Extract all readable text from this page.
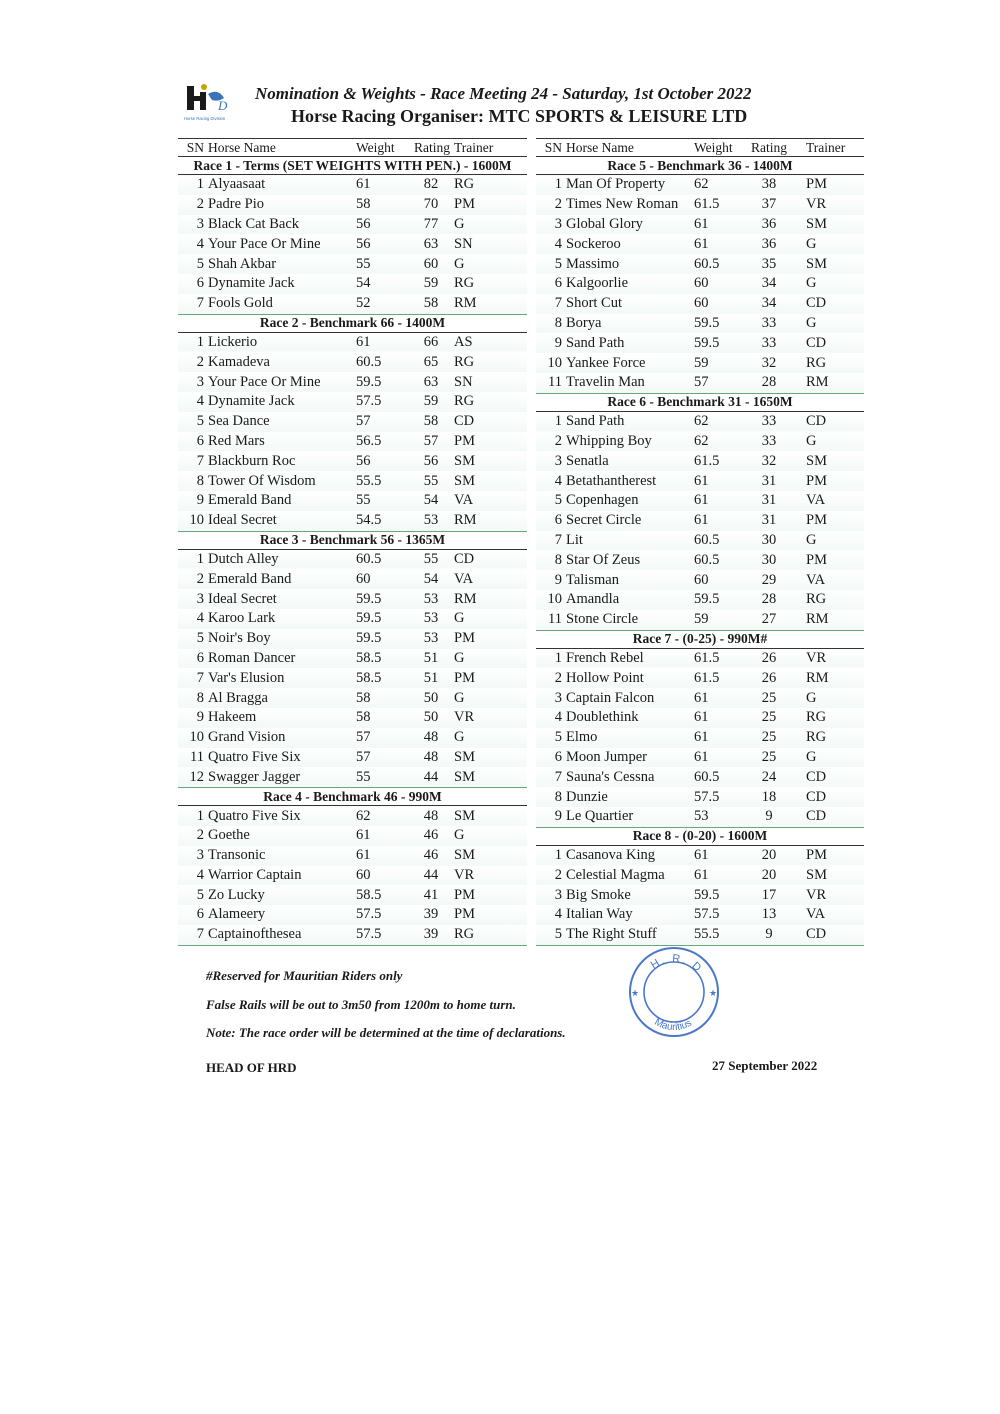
D
Horse Racing Division
Nomination & Weights - Race Meeting 24 - Saturday, 1st October 2022
Horse Racing Organiser: MTC SPORTS & LEISURE LTD
SN	Horse Name	Weight	Rating	Trainer
Race 1 - Terms (SET WEIGHTS WITH PEN.) - 1600M				
1	Alyaasaat	61	82	RG
2	Padre Pio	58	70	PM
3	Black Cat Back	56	77	G
4	Your Pace Or Mine	56	63	SN
5	Shah Akbar	55	60	G
6	Dynamite Jack	54	59	RG
7	Fools Gold	52	58	RM
Race 2 - Benchmark 66 - 1400M				
1	Lickerio	61	66	AS
2	Kamadeva	60.5	65	RG
3	Your Pace Or Mine	59.5	63	SN
4	Dynamite Jack	57.5	59	RG
5	Sea Dance	57	58	CD
6	Red Mars	56.5	57	PM
7	Blackburn Roc	56	56	SM
8	Tower Of Wisdom	55.5	55	SM
9	Emerald Band	55	54	VA
10	Ideal Secret	54.5	53	RM
Race 3 - Benchmark 56 - 1365M				
1	Dutch Alley	60.5	55	CD
2	Emerald Band	60	54	VA
3	Ideal Secret	59.5	53	RM
4	Karoo Lark	59.5	53	G
5	Noir's Boy	59.5	53	PM
6	Roman Dancer	58.5	51	G
7	Var's Elusion	58.5	51	PM
8	Al Bragga	58	50	G
9	Hakeem	58	50	VR
10	Grand Vision	57	48	G
11	Quatro Five Six	57	48	SM
12	Swagger Jagger	55	44	SM
Race 4 - Benchmark 46 - 990M				
1	Quatro Five Six	62	48	SM
2	Goethe	61	46	G
3	Transonic	61	46	SM
4	Warrior Captain	60	44	VR
5	Zo Lucky	58.5	41	PM
6	Alameery	57.5	39	PM
7	Captainofthesea	57.5	39	RG
SN	Horse Name	Weight	Rating	Trainer
Race 5 - Benchmark 36 - 1400M				
1	Man Of Property	62	38	PM
2	Times New Roman	61.5	37	VR
3	Global Glory	61	36	SM
4	Sockeroo	61	36	G
5	Massimo	60.5	35	SM
6	Kalgoorlie	60	34	G
7	Short Cut	60	34	CD
8	Borya	59.5	33	G
9	Sand Path	59.5	33	CD
10	Yankee Force	59	32	RG
11	Travelin Man	57	28	RM
Race 6 - Benchmark 31 - 1650M				
1	Sand Path	62	33	CD
2	Whipping Boy	62	33	G
3	Senatla	61.5	32	SM
4	Betathantherest	61	31	PM
5	Copenhagen	61	31	VA
6	Secret Circle	61	31	PM
7	Lit	60.5	30	G
8	Star Of Zeus	60.5	30	PM
9	Talisman	60	29	VA
10	Amandla	59.5	28	RG
11	Stone Circle	59	27	RM
Race 7 - (0-25) - 990M#				
1	French Rebel	61.5	26	VR
2	Hollow Point	61.5	26	RM
3	Captain Falcon	61	25	G
4	Doublethink	61	25	RG
5	Elmo	61	25	RG
6	Moon Jumper	61	25	G
7	Sauna's Cessna	60.5	24	CD
8	Dunzie	57.5	18	CD
9	Le Quartier	53	9	CD
Race 8 - (0-20) - 1600M				
1	Casanova King	61	20	PM
2	Celestial Magma	61	20	SM
3	Big Smoke	59.5	17	VR
4	Italian Way	57.5	13	VA
5	The Right Stuff	55.5	9	CD
#Reserved for Mauritian Riders only
False Rails will be out to 3m50 from 1200m to home turn.
Note: The race order will be determined at the time of declarations.
H. R. D
Mauritius
★	★
HEAD OF HRD	27 September 2022
